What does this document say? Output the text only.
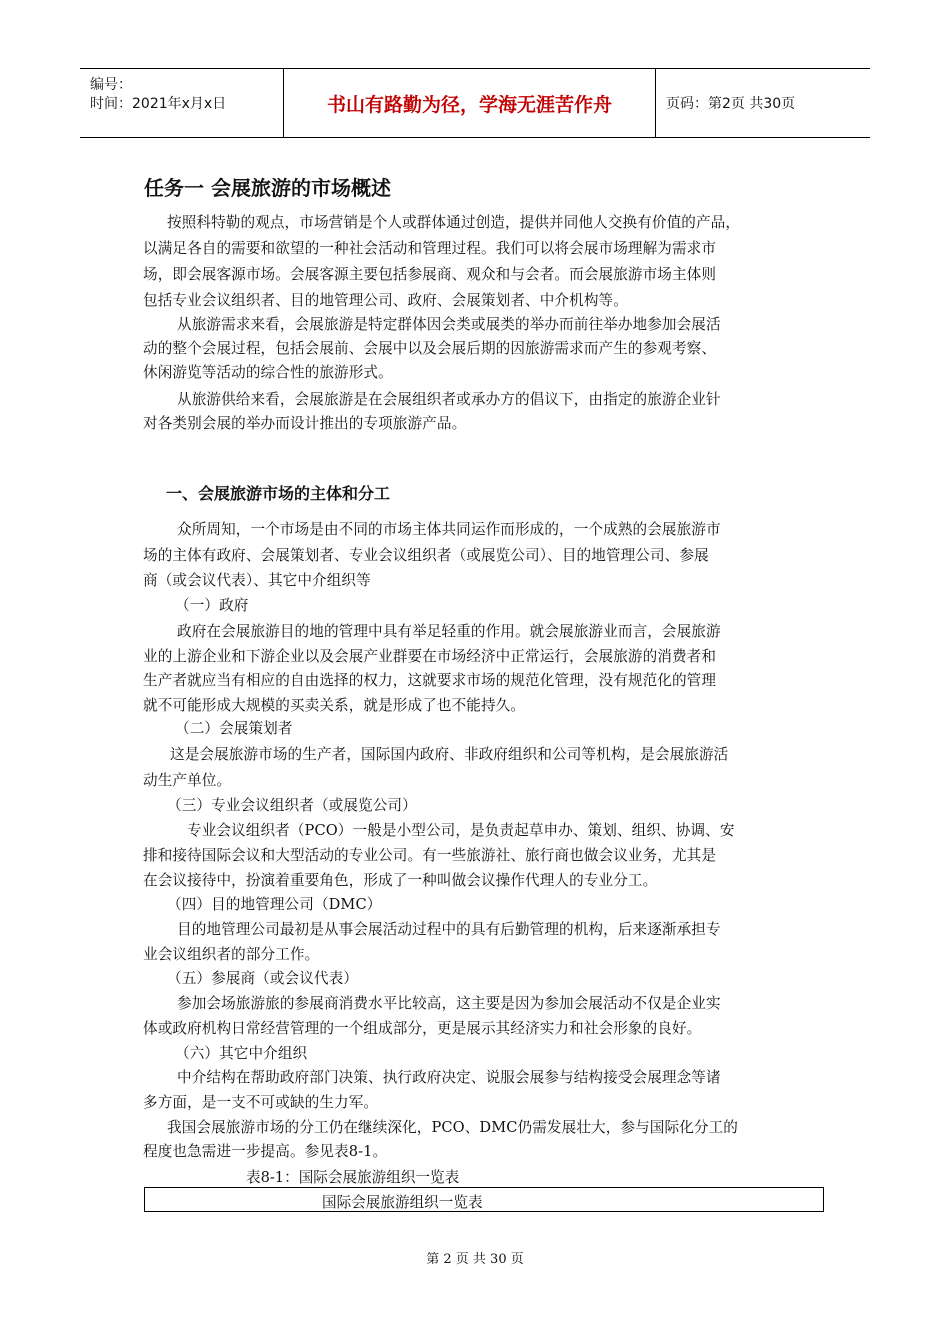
编号：
时间：2021年x月x日	书山有路勤为径，学海无涯苦作舟	页码：第2页 共30页
任务一 会展旅游的市场概述
按照科特勒的观点，市场营销是个人或群体通过创造，提供并同他人交换有价值的产品，
以满足各自的需要和欲望的一种社会活动和管理过程。我们可以将会展市场理解为需求市
场，即会展客源市场。会展客源主要包括参展商、观众和与会者。而会展旅游市场主体则
包括专业会议组织者、目的地管理公司、政府、会展策划者、中介机构等。
从旅游需求来看，会展旅游是特定群体因会类或展类的举办而前往举办地参加会展活
动的整个会展过程，包括会展前、会展中以及会展后期的因旅游需求而产生的参观考察、
休闲游览等活动的综合性的旅游形式。
从旅游供给来看，会展旅游是在会展组织者或承办方的倡议下，由指定的旅游企业针
对各类别会展的举办而设计推出的专项旅游产品。
一、会展旅游市场的主体和分工
众所周知，一个市场是由不同的市场主体共同运作而形成的，一个成熟的会展旅游市
场的主体有政府、会展策划者、专业会议组织者（或展览公司）、目的地管理公司、参展
商（或会议代表）、其它中介组织等
（一）政府
政府在会展旅游目的地的管理中具有举足轻重的作用。就会展旅游业而言，会展旅游
业的上游企业和下游企业以及会展产业群要在市场经济中正常运行，会展旅游的消费者和
生产者就应当有相应的自由选择的权力，这就要求市场的规范化管理，没有规范化的管理
就不可能形成大规模的买卖关系，就是形成了也不能持久。
（二）会展策划者
这是会展旅游市场的生产者，国际国内政府、非政府组织和公司等机构，是会展旅游活
动生产单位。
（三）专业会议组织者（或展览公司）
专业会议组织者（PCO）一般是小型公司，是负责起草申办、策划、组织、协调、安
排和接待国际会议和大型活动的专业公司。有一些旅游社、旅行商也做会议业务，尤其是
在会议接待中，扮演着重要角色，形成了一种叫做会议操作代理人的专业分工。
（四）目的地管理公司（DMC）
目的地管理公司最初是从事会展活动过程中的具有后勤管理的机构，后来逐渐承担专
业会议组织者的部分工作。
（五）参展商（或会议代表）
参加会场旅游旅的参展商消费水平比较高，这主要是因为参加会展活动不仅是企业实
体或政府机构日常经营管理的一个组成部分，更是展示其经济实力和社会形象的良好。
（六）其它中介组织
中介结构在帮助政府部门决策、执行政府决定、说服会展参与结构接受会展理念等诸
多方面，是一支不可或缺的生力军。
我国会展旅游市场的分工仍在继续深化，PCO、DMC仍需发展壮大，参与国际化分工的
程度也急需进一步提高。参见表8-1。
表8-1：国际会展旅游组织一览表
国际会展旅游组织一览表
第 2 页 共 30 页
